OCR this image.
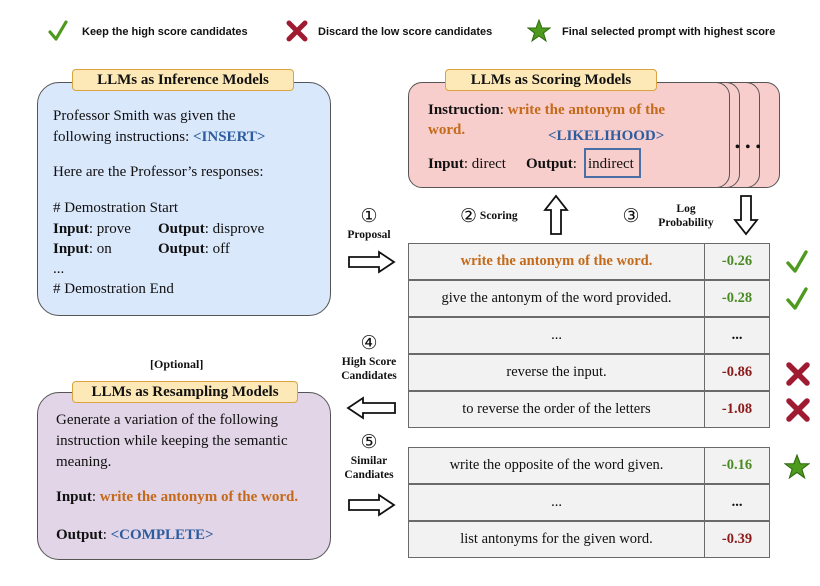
Keep the high score candidates	Discard the low score candidates	Final selected prompt with highest score
LLMs as Inference Models
Professor Smith was given the
following instructions: <INSERT>
Here are the Professor’s responses:
# Demostration Start
Input: prove Output: disprove
Input: on	Output: off
...
# Demostration End
LLMs as Scoring Models
Instruction: write the antonym of the
word.	<LIKELIHOOD>
Input: direct Output: indirect
• • •
①
Proposal
② Scoring	③	Log
Probability
④
High Score
Candidates
⑤
Similar
Candiates
write the antonym of the word.	-0.26
give the antonym of the word provided.	-0.28
...	...
reverse the input.	-0.86
to reverse the order of the letters	-1.08
write the opposite of the word given.	-0.16
...	...
list antonyms for the given word.	-0.39
[Optional]
LLMs as Resampling Models
Generate a variation of the following
instruction while keeping the semantic
meaning.
Input: write the antonym of the word.
Output: <COMPLETE>
